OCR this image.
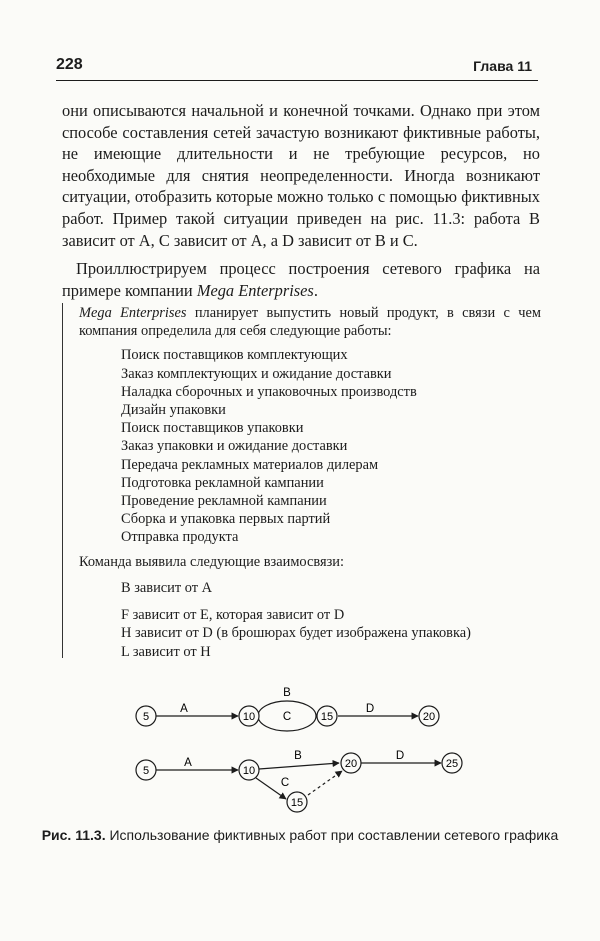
228	Глава 11

они описываются начальной и конечной точками. Однако при этом способе составления сетей зачастую возникают фиктивные работы, не имеющие длительности и не требующие ресурсов, но необходимые для снятия неопределенности. Иногда возникают ситуации, отобразить которые можно только с помощью фиктивных работ. Пример такой ситуации приведен на рис. 11.3: работа B зависит от A, C зависит от A, а D зависит от B и C.

Проиллюстрируем процесс построения сетевого графика на примере компании Mega Enterprises.

Mega Enterprises планирует выпустить новый продукт, в связи с чем компания определила для себя следующие работы:

Поиск поставщиков комплектующих
Заказ комплектующих и ожидание доставки
Наладка сборочных и упаковочных производств
Дизайн упаковки
Поиск поставщиков упаковки
Заказ упаковки и ожидание доставки
Передача рекламных материалов дилерам
Подготовка рекламной кампании
Проведение рекламной кампании
Сборка и упаковка первых партий
Отправка продукта

Команда выявила следующие взаимосвязи:

B зависит от A
F зависит от E, которая зависит от D
H зависит от D (в брошюрах будет изображена упаковка)
L зависит от H
5	10	15	20
A
B
C
D
5	10
20
15
25
A
B
C
D
Рис. 11.3. Использование фиктивных работ при составлении сетевого графика
